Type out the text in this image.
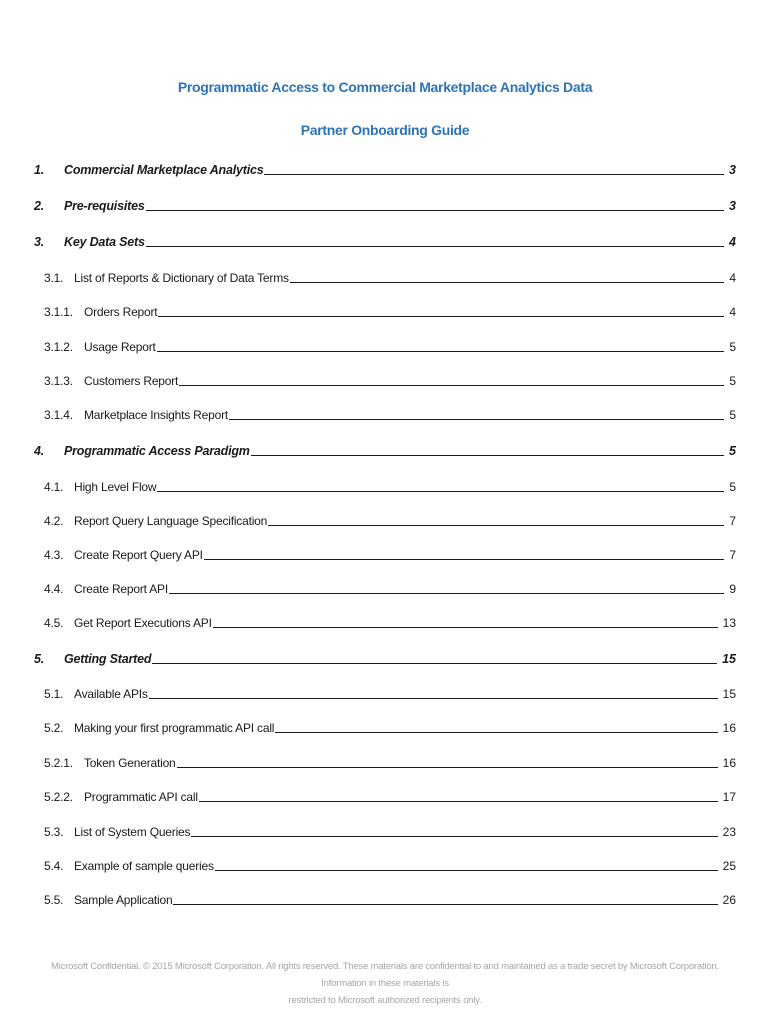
Programmatic Access to Commercial Marketplace Analytics Data
Partner Onboarding Guide
1. Commercial Marketplace Analytics	3
2. Pre-requisites	3
3. Key Data Sets	4
3.1. List of Reports & Dictionary of Data Terms	4
3.1.1. Orders Report	4
3.1.2. Usage Report	5
3.1.3. Customers Report	5
3.1.4. Marketplace Insights Report	5
4. Programmatic Access Paradigm	5
4.1. High Level Flow	5
4.2. Report Query Language Specification	7
4.3. Create Report Query API	7
4.4. Create Report API	9
4.5. Get Report Executions API	13
5. Getting Started	15
5.1. Available APIs	15
5.2. Making your first programmatic API call	16
5.2.1. Token Generation	16
5.2.2. Programmatic API call	17
5.3. List of System Queries	23
5.4. Example of sample queries	25
5.5. Sample Application	26
Microsoft Confidential. © 2015 Microsoft Corporation. All rights reserved. These materials are confidential to and maintained as a trade secret by Microsoft Corporation. Information in these materials is
restricted to Microsoft authorized recipients only.
